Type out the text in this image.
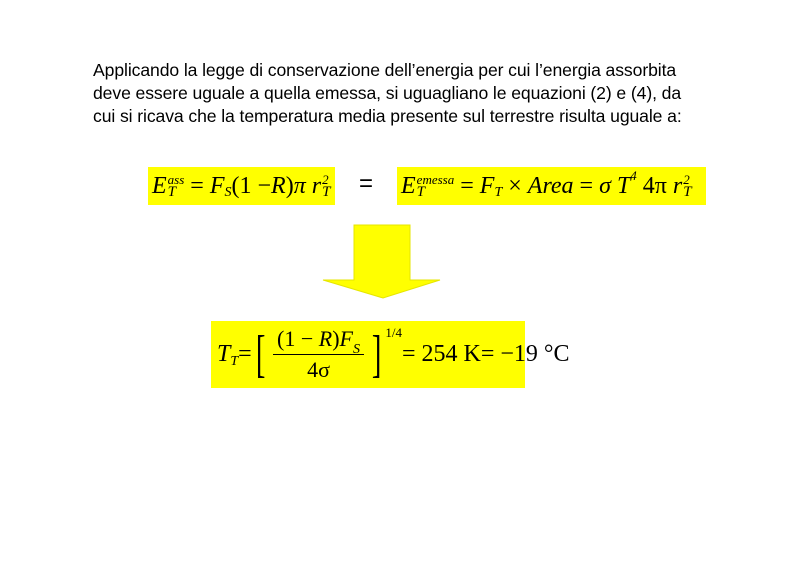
Applicando la legge di conservazione dell’energia per cui l’energia assorbita
deve essere uguale a quella emessa, si uguagliano le equazioni (2) e (4), da
cui si ricava che la temperatura media presente sul terrestre risulta uguale a:
E ass
T = F S (1 − R ) π r 2
T = E emessa
T	= F T × Area = σ T 4 4π r 2
T
T T = [ $\frac{(1 - R)F_S}{4\sigma}$ ] 1/4
= 254 K = −19 °C
